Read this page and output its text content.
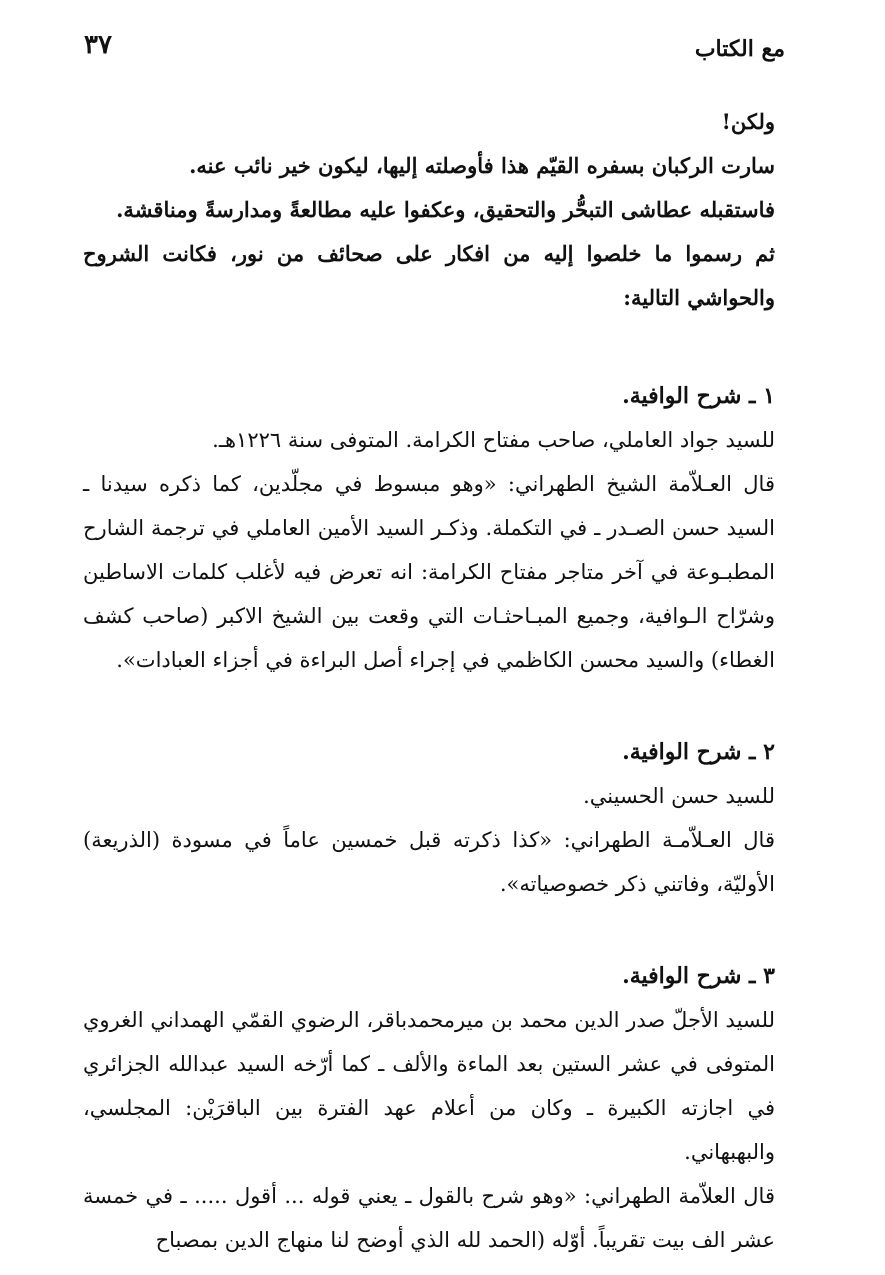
مع الكتاب
٣٧

ولكن!

سارت الركبان بسفره القيّم هذا فأوصلته إليها، ليكون خير نائب عنه.

فاستقبله عطاشى التبحُّر والتحقيق، وعكفوا عليه مطالعةً ومدارسةً ومناقشة.

ثم رسموا ما خلصوا إليه من افكار على صحائف من نور، فكانت الشروح والحواشي التالية:

١ ـ شرح الوافية.

للسيد جواد العاملي، صاحب مفتاح الكرامة. المتوفى سنة ١٢٢٦هـ.

قال العـلاّمة الشيخ الطهراني: «وهو مبسوط في مجلّدين، كما ذكره سيدنا ـ السيد حسن الصـدر ـ في التكملة. وذكـر السيد الأمين العاملي في ترجمة الشارح المطبـوعة في آخر متاجر مفتاح الكرامة: انه تعرض فيه لأغلب كلمات الاساطين وشرّاح الـوافية، وجميع المبـاحثـات التي وقعت بين الشيخ الاكبر (صاحب كشف الغطاء) والسيد محسن الكاظمي في إجراء أصل البراءة في أجزاء العبادات».

٢ ـ شرح الوافية.

للسيد حسن الحسيني.

قال العـلاّمـة الطهراني: «كذا ذكرته قبل خمسين عاماً في مسودة (الذريعة) الأوليّة، وفاتني ذكر خصوصياته».

٣ ـ شرح الوافية.

للسيد الأجلّ صدر الدين محمد بن ميرمحمدباقر، الرضوي القمّي الهمداني الغروي المتوفى في عشر الستين بعد الماءة والألف ـ كما أرّخه السيد عبدالله الجزائري في اجازته الكبيرة ـ وكان من أعلام عهد الفترة بين الباقرَيْن: المجلسي، والبهبهاني.

قال العلاّمة الطهراني: «وهو شرح بالقول ـ يعني قوله ... أقول ..... ـ في خمسة عشر الف بيت تقريباً. أوّله (الحمد لله الذي أوضح لنا منهاج الدين بمصباح
